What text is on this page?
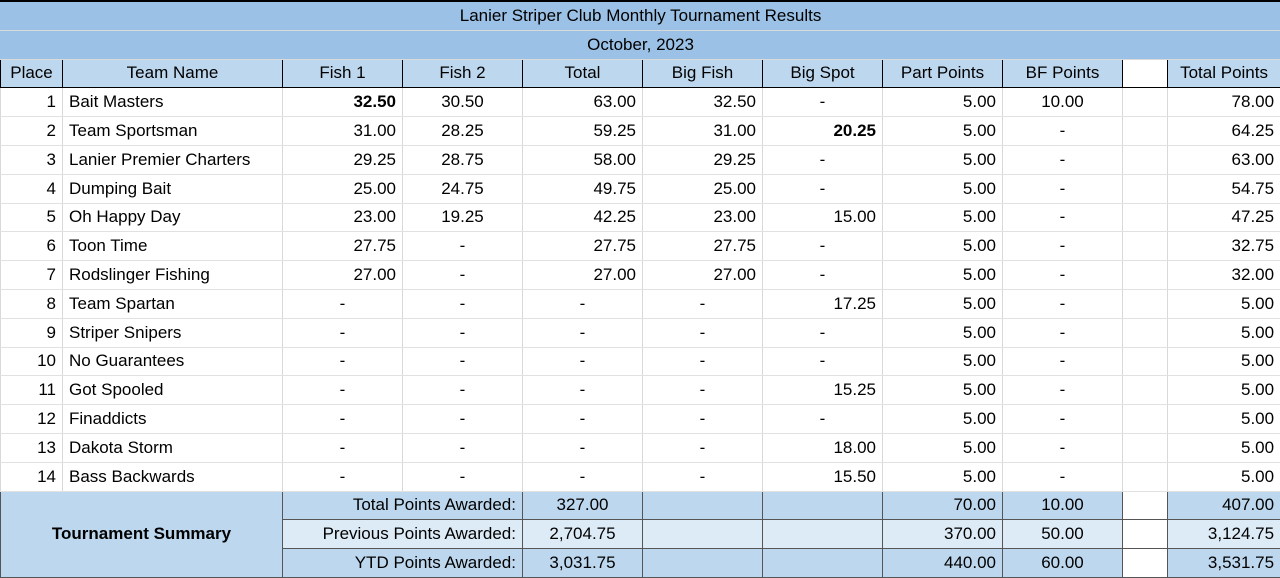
Lanier Striper Club Monthly Tournament Results										
October, 2023										
Place	Team Name	Fish 1	Fish 2	Total	Big Fish	Big Spot	Part Points	BF Points		Total Points
1	Bait Masters	32.50	30.50	63.00	32.50	-	5.00	10.00		78.00
2	Team Sportsman	31.00	28.25	59.25	31.00	20.25	5.00	-		64.25
3	Lanier Premier Charters	29.25	28.75	58.00	29.25	-	5.00	-		63.00
4	Dumping Bait	25.00	24.75	49.75	25.00	-	5.00	-		54.75
5	Oh Happy Day	23.00	19.25	42.25	23.00	15.00	5.00	-		47.25
6	Toon Time	27.75	-	27.75	27.75	-	5.00	-		32.75
7	Rodslinger Fishing	27.00	-	27.00	27.00	-	5.00	-		32.00
8	Team Spartan	-	-	-	-	17.25	5.00	-		5.00
9	Striper Snipers	-	-	-	-	-	5.00	-		5.00
10	No Guarantees	-	-	-	-	-	5.00	-		5.00
11	Got Spooled	-	-	-	-	15.25	5.00	-		5.00
12	Finaddicts	-	-	-	-	-	5.00	-		5.00
13	Dakota Storm	-	-	-	-	18.00	5.00	-		5.00
14	Bass Backwards	-	-	-	-	15.50	5.00	-		5.00
Tournament Summary		Total Points Awarded:		327.00			70.00	10.00		407.00
		Previous Points Awarded:		2,704.75			370.00	50.00		3,124.75
		YTD Points Awarded:		3,031.75			440.00	60.00		3,531.75
